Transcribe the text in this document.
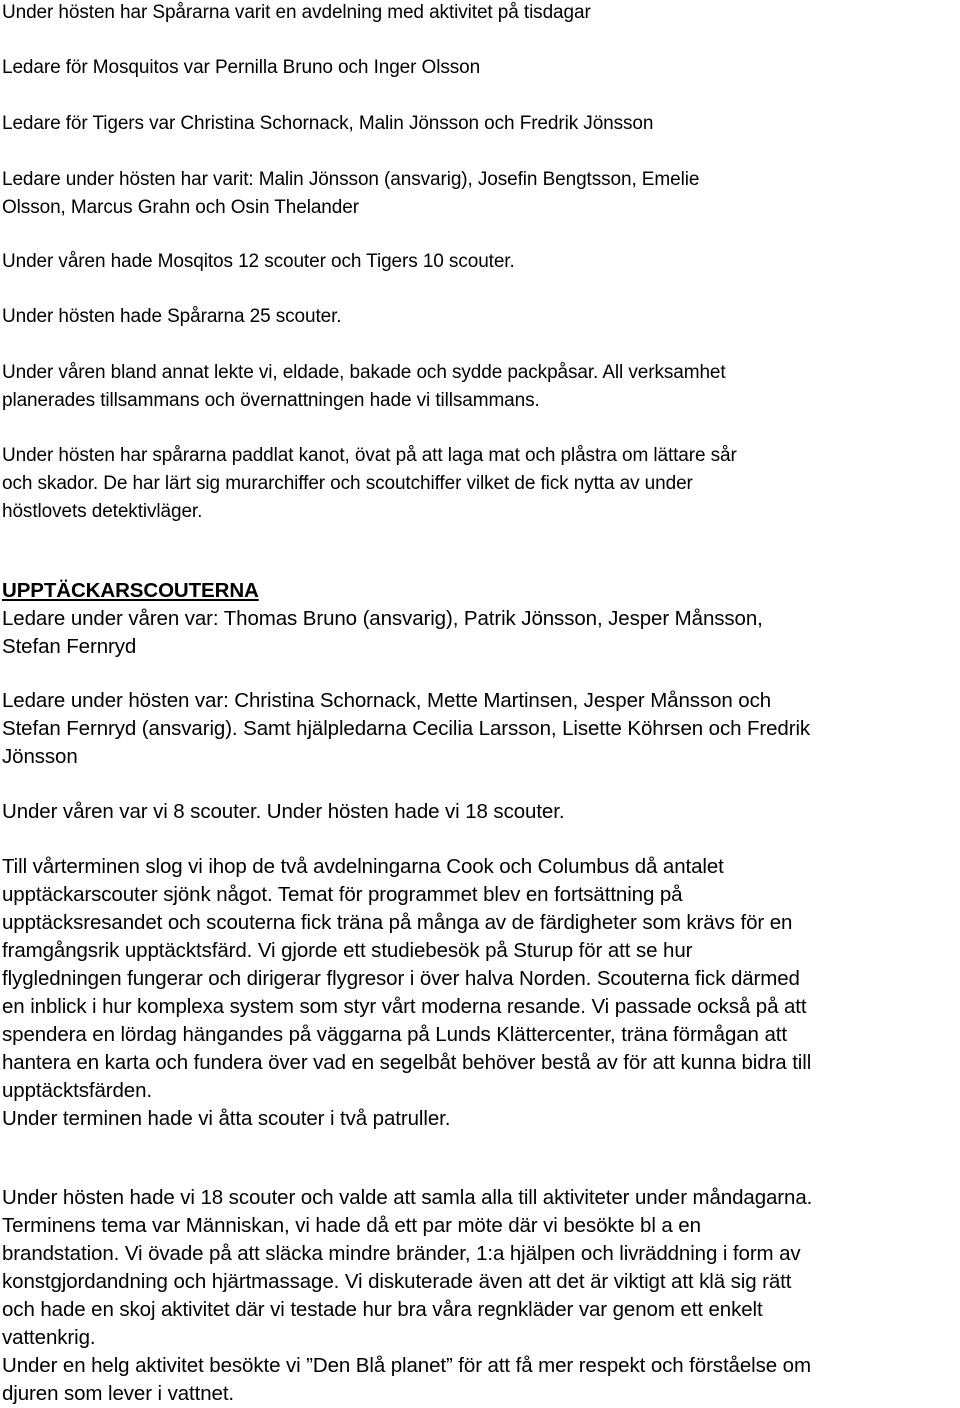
Under hösten har Spårarna varit en avdelning med aktivitet på tisdagar

Ledare för Mosquitos var Pernilla Bruno och Inger Olsson

Ledare för Tigers var Christina Schornack, Malin Jönsson och Fredrik Jönsson

Ledare under hösten har varit: Malin Jönsson (ansvarig), Josefin Bengtsson, Emelie
Olsson, Marcus Grahn och Osin Thelander

Under våren hade Mosqitos 12 scouter och Tigers 10 scouter.

Under hösten hade Spårarna 25 scouter.

Under våren bland annat lekte vi, eldade, bakade och sydde packpåsar. All verksamhet
planerades tillsammans och övernattningen hade vi tillsammans.

Under hösten har spårarna paddlat kanot, övat på att laga mat och plåstra om lättare sår
och skador. De har lärt sig murarchiffer och scoutchiffer vilket de fick nytta av under
höstlovets detektivläger.

UPPTÄCKARSCOUTERNA

Ledare under våren var: Thomas Bruno (ansvarig), Patrik Jönsson, Jesper Månsson,
Stefan Fernryd

Ledare under hösten var: Christina Schornack, Mette Martinsen, Jesper Månsson och
Stefan Fernryd (ansvarig). Samt hjälpledarna Cecilia Larsson, Lisette Köhrsen och Fredrik
Jönsson

Under våren var vi 8 scouter. Under hösten hade vi 18 scouter.

Till vårterminen slog vi ihop de två avdelningarna Cook och Columbus då antalet
upptäckarscouter sjönk något. Temat för programmet blev en fortsättning på
upptäcksresandet och scouterna fick träna på många av de färdigheter som krävs för en
framgångsrik upptäcktsfärd. Vi gjorde ett studiebesök på Sturup för att se hur
flygledningen fungerar och dirigerar flygresor i över halva Norden. Scouterna fick därmed
en inblick i hur komplexa system som styr vårt moderna resande. Vi passade också på att
spendera en lördag hängandes på väggarna på Lunds Klättercenter, träna förmågan att
hantera en karta och fundera över vad en segelbåt behöver bestå av för att kunna bidra till
upptäcktsfärden.
Under terminen hade vi åtta scouter i två patruller.

Under hösten hade vi 18 scouter och valde att samla alla till aktiviteter under måndagarna.
Terminens tema var Människan, vi hade då ett par möte där vi besökte bl a en
brandstation. Vi övade på att släcka mindre bränder, 1:a hjälpen och livräddning i form av
konstgjordandning och hjärtmassage. Vi diskuterade även att det är viktigt att klä sig rätt
och hade en skoj aktivitet där vi testade hur bra våra regnkläder var genom ett enkelt
vattenkrig.
Under en helg aktivitet besökte vi ”Den Blå planet” för att få mer respekt och förståelse om
djuren som lever i vattnet.
